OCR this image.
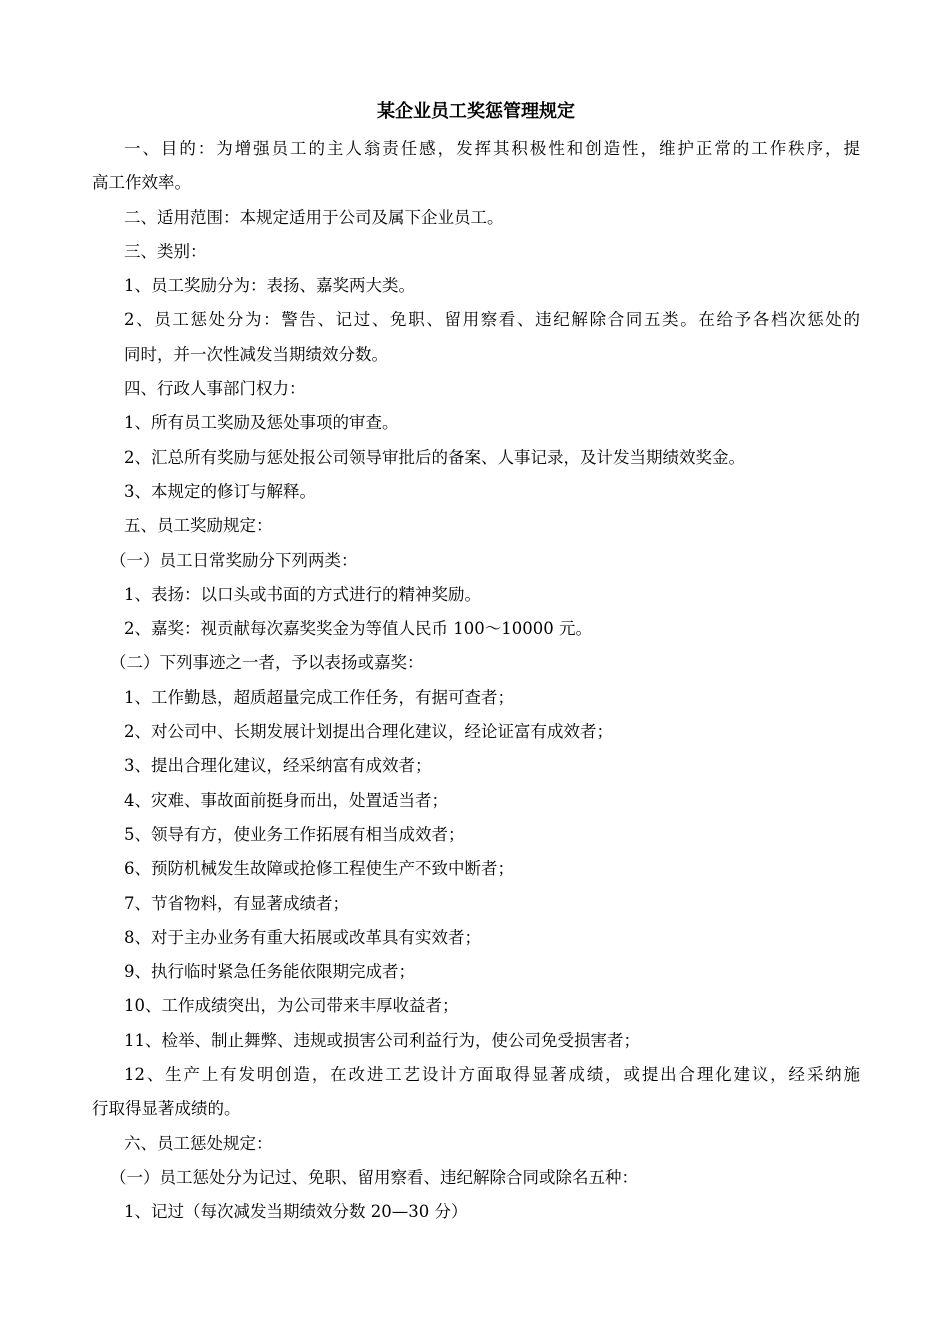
某企业员工奖惩管理规定
一、目的：为增强员工的主人翁责任感，发挥其积极性和创造性，维护正常的工作秩序，提
高工作效率。
二、适用范围：本规定适用于公司及属下企业员工。
三、类别：
1、员工奖励分为：表扬、嘉奖两大类。
2、员工惩处分为：警告、记过、免职、留用察看、违纪解除合同五类。在给予各档次惩处的
同时，并一次性减发当期绩效分数。
四、行政人事部门权力：
1、所有员工奖励及惩处事项的审查。
2、汇总所有奖励与惩处报公司领导审批后的备案、人事记录，及计发当期绩效奖金。
3、本规定的修订与解释。
五、员工奖励规定：
（一）员工日常奖励分下列两类：
1、表扬：以口头或书面的方式进行的精神奖励。
2、嘉奖：视贡献每次嘉奖奖金为等值人民币 100～10000 元。
（二）下列事迹之一者，予以表扬或嘉奖：
1、工作勤恳，超质超量完成工作任务，有据可查者；
2、对公司中、长期发展计划提出合理化建议，经论证富有成效者；
3、提出合理化建议，经采纳富有成效者；
4、灾难、事故面前挺身而出，处置适当者；
5、领导有方，使业务工作拓展有相当成效者；
6、预防机械发生故障或抢修工程使生产不致中断者；
7、节省物料，有显著成绩者；
8、对于主办业务有重大拓展或改革具有实效者；
9、执行临时紧急任务能依限期完成者；
10、工作成绩突出，为公司带来丰厚收益者；
11、检举、制止舞弊、违规或损害公司利益行为，使公司免受损害者；
12、生产上有发明创造，在改进工艺设计方面取得显著成绩，或提出合理化建议，经采纳施
行取得显著成绩的。
六、员工惩处规定：
（一）员工惩处分为记过、免职、留用察看、违纪解除合同或除名五种：
1、记过（每次减发当期绩效分数 20—30 分）
